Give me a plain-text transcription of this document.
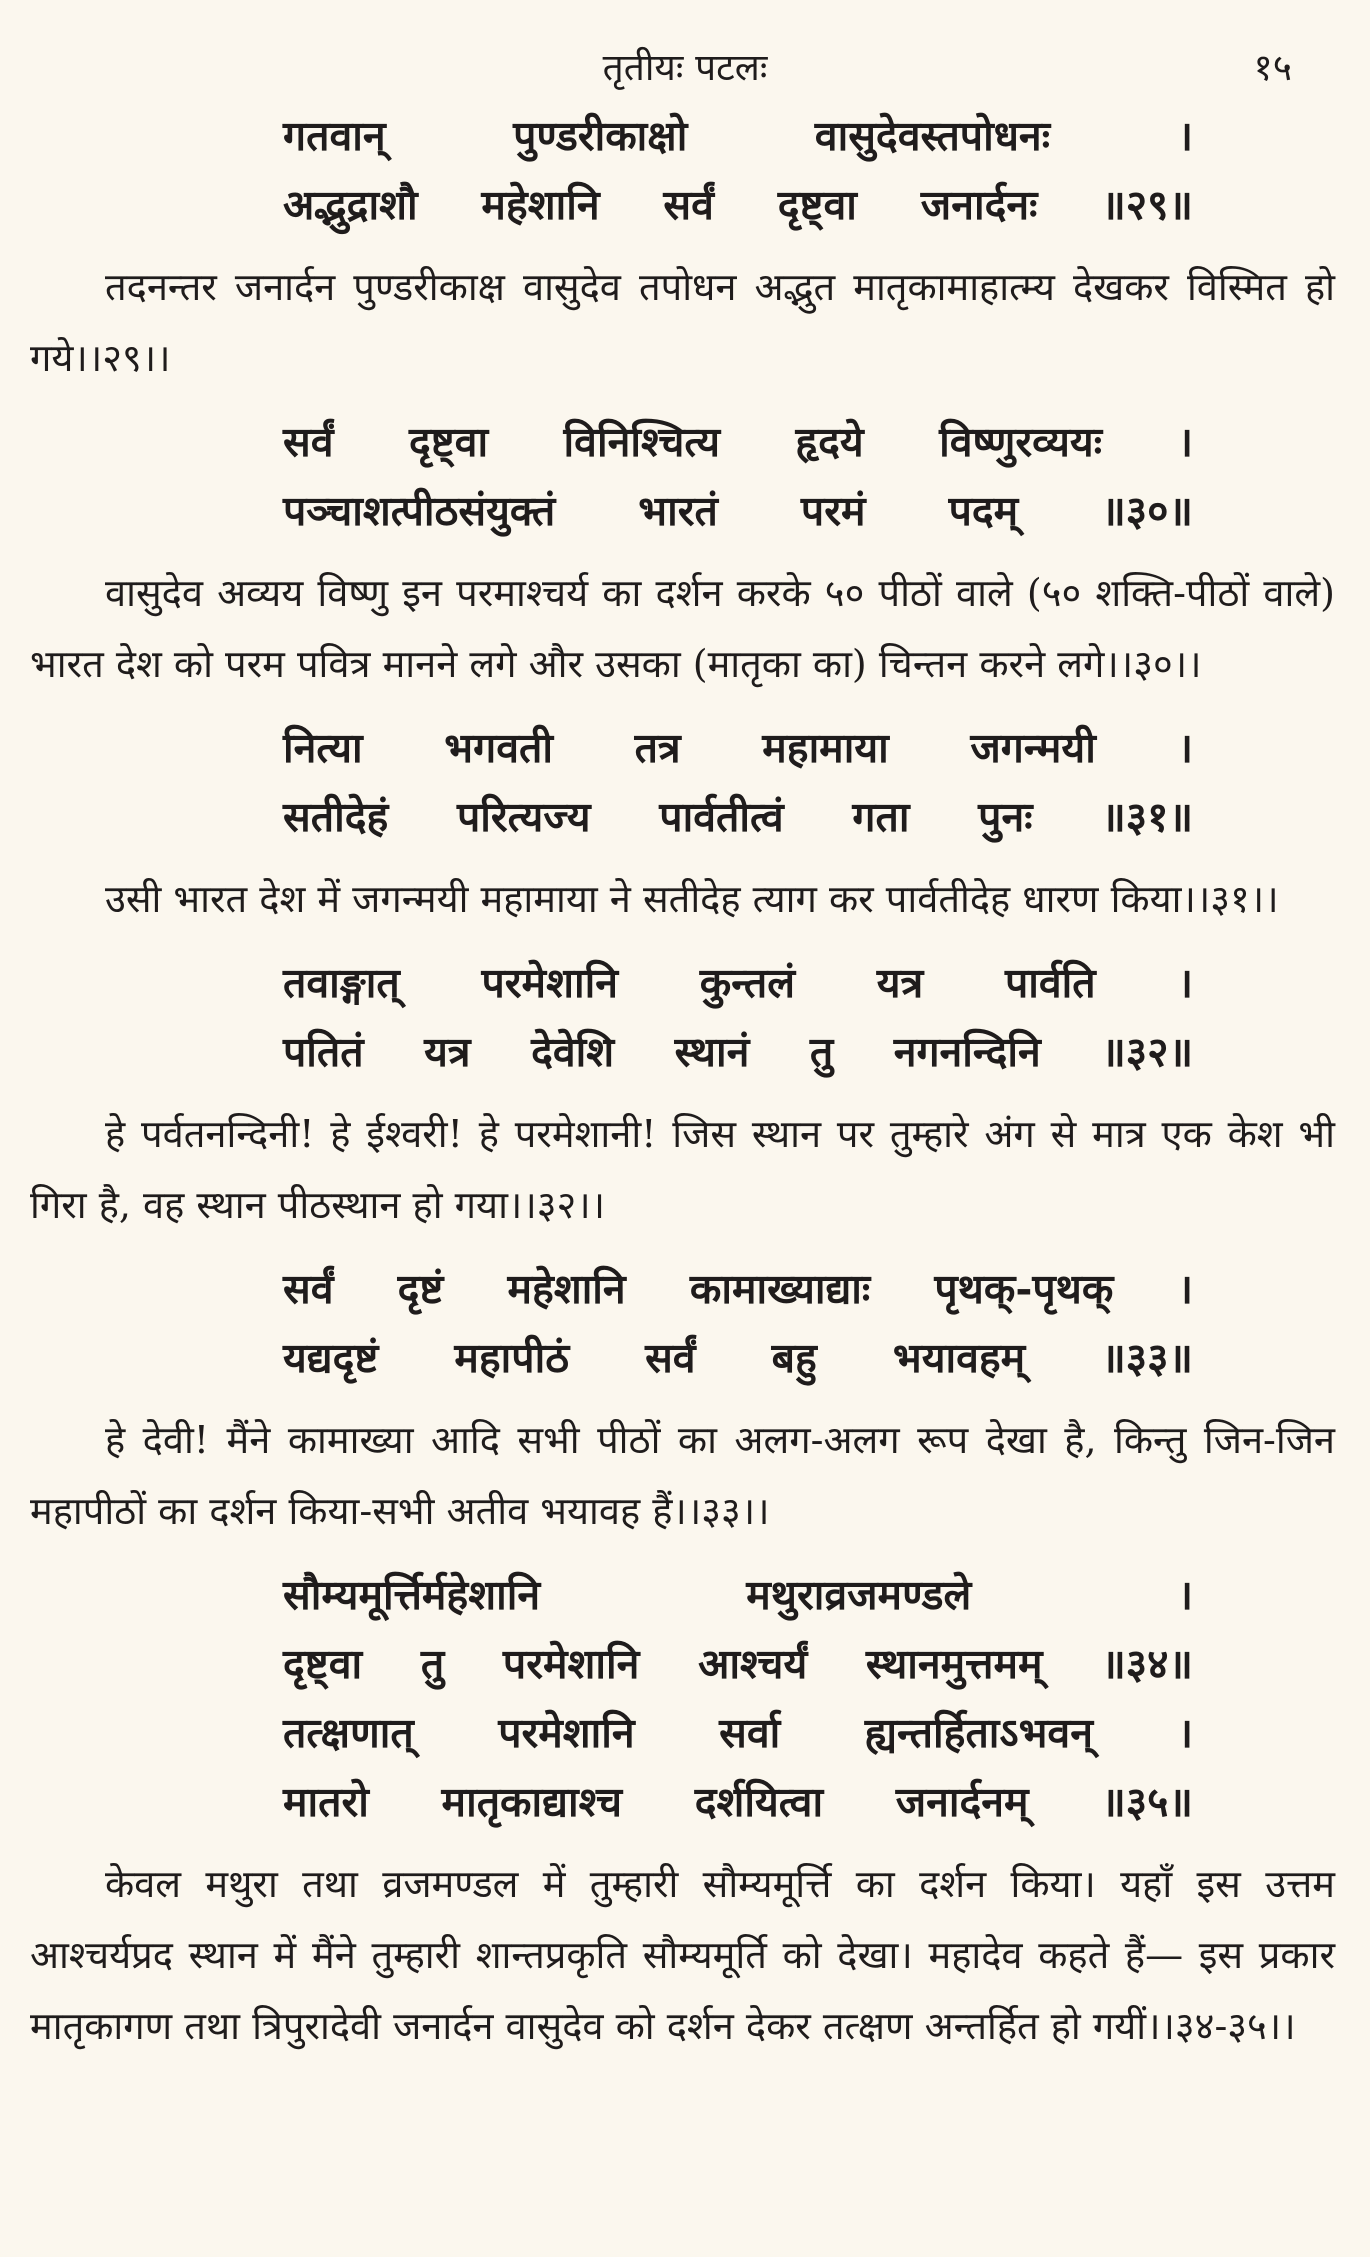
तृतीयः पटलः	१५
गतवान् पुण्डरीकाक्षो वासुदेवस्तपोधनः ।
अद्भुद्राशौ महेशानि सर्वं दृष्ट्वा जनार्दनः ॥२९॥

तदनन्तर जनार्दन पुण्डरीकाक्ष वासुदेव तपोधन अद्भुत मातृकामाहात्म्य देखकर विस्मित हो गये।।२९।।

सर्वं दृष्ट्वा विनिश्चित्य हृदये विष्णुरव्ययः ।
पञ्चाशत्पीठसंयुक्तं भारतं परमं पदम् ॥३०॥

वासुदेव अव्यय विष्णु इन परमाश्चर्य का दर्शन करके ५० पीठों वाले (५० शक्ति-पीठों वाले) भारत देश को परम पवित्र मानने लगे और उसका (मातृका का) चिन्तन करने लगे।।३०।।

नित्या भगवती तत्र महामाया जगन्मयी ।
सतीदेहं परित्यज्य पार्वतीत्वं गता पुनः ॥३१॥

उसी भारत देश में जगन्मयी महामाया ने सतीदेह त्याग कर पार्वतीदेह धारण किया।।३१।।

तवाङ्गात् परमेशानि कुन्तलं यत्र पार्वति ।
पतितं यत्र देवेशि स्थानं तु नगनन्दिनि ॥३२॥

हे पर्वतनन्दिनी! हे ईश्वरी! हे परमेशानी! जिस स्थान पर तुम्हारे अंग से मात्र एक केश भी गिरा है, वह स्थान पीठस्थान हो गया।।३२।।

सर्वं दृष्टं महेशानि कामाख्याद्याः पृथक्-पृथक् ।
यद्यदृष्टं महापीठं सर्वं बहु भयावहम् ॥३३॥

हे देवी! मैंने कामाख्या आदि सभी पीठों का अलग-अलग रूप देखा है, किन्तु जिन-जिन महापीठों का दर्शन किया-सभी अतीव भयावह हैं।।३३।।

सौम्यमूर्त्तिर्महेशानि मथुराव्रजमण्डले ।
दृष्ट्वा तु परमेशानि आश्चर्यं स्थानमुत्तमम् ॥३४॥
तत्क्षणात् परमेशानि सर्वा ह्यन्तर्हिताऽभवन् ।
मातरो मातृकाद्याश्च दर्शयित्वा जनार्दनम् ॥३५॥

केवल मथुरा तथा व्रजमण्डल में तुम्हारी सौम्यमूर्त्ति का दर्शन किया। यहाँ इस उत्तम आश्चर्यप्रद स्थान में मैंने तुम्हारी शान्तप्रकृति सौम्यमूर्ति को देखा। महादेव कहते हैं— इस प्रकार मातृकागण तथा त्रिपुरादेवी जनार्दन वासुदेव को दर्शन देकर तत्क्षण अन्तर्हित हो गयीं।।३४-३५।।
